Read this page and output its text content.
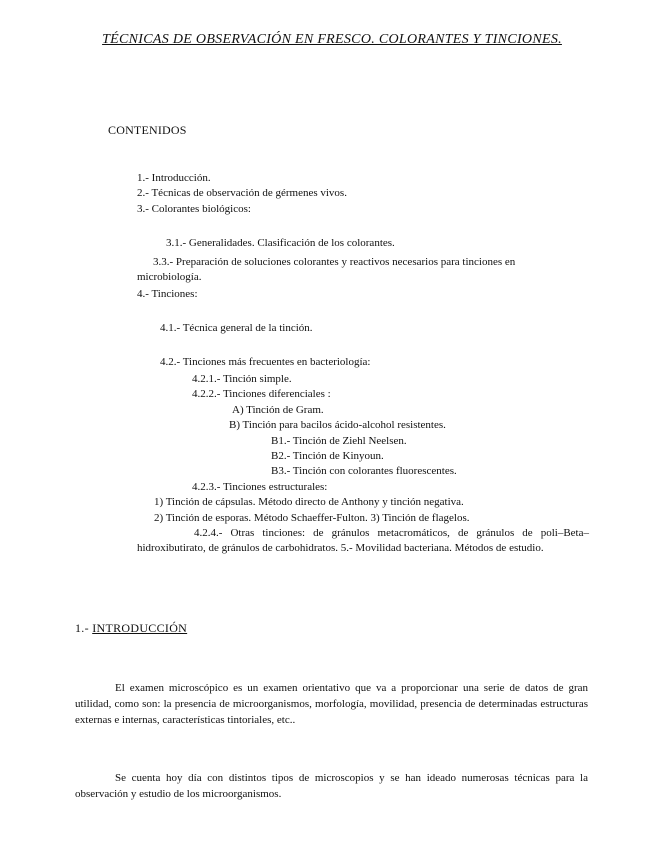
TÉCNICAS DE OBSERVACIÓN EN FRESCO. COLORANTES Y TINCIONES.
CONTENIDOS
1.- Introducción.
2.- Técnicas de observación de gérmenes vivos.
3.- Colorantes biológicos:
3.1.- Generalidades. Clasificación de los colorantes.
3.3.- Preparación de soluciones colorantes y reactivos necesarios para tinciones en microbiología.
4.- Tinciones:
4.1.- Técnica general de la tinción.
4.2.- Tinciones más frecuentes en bacteriología:
4.2.1.- Tinción simple.
4.2.2.- Tinciones diferenciales :
A) Tinción de Gram.
B) Tinción para bacilos ácido-alcohol resistentes.
B1.- Tinción de Ziehl Neelsen.
B2.- Tinción de Kinyoun.
B3.- Tinción con colorantes fluorescentes.
4.2.3.- Tinciones estructurales:
1) Tinción de cápsulas. Método directo de Anthony y tinción negativa.
2) Tinción de esporas. Método Schaeffer-Fulton. 3) Tinción de flagelos.
4.2.4.- Otras tinciones: de gránulos metacromáticos, de gránulos de poli–Beta–hidroxibutirato, de gránulos de carbohidratos. 5.- Movilidad bacteriana. Métodos de estudio.
1.- INTRODUCCIÓN
El examen microscópico es un examen orientativo que va a proporcionar una serie de datos de gran utilidad, como son: la presencia de microorganismos, morfología, movilidad, presencia de determinadas estructuras externas e internas, características tintoriales, etc..
Se cuenta hoy día con distintos tipos de microscopios y se han ideado numerosas técnicas para la observación y estudio de los microorganismos.
